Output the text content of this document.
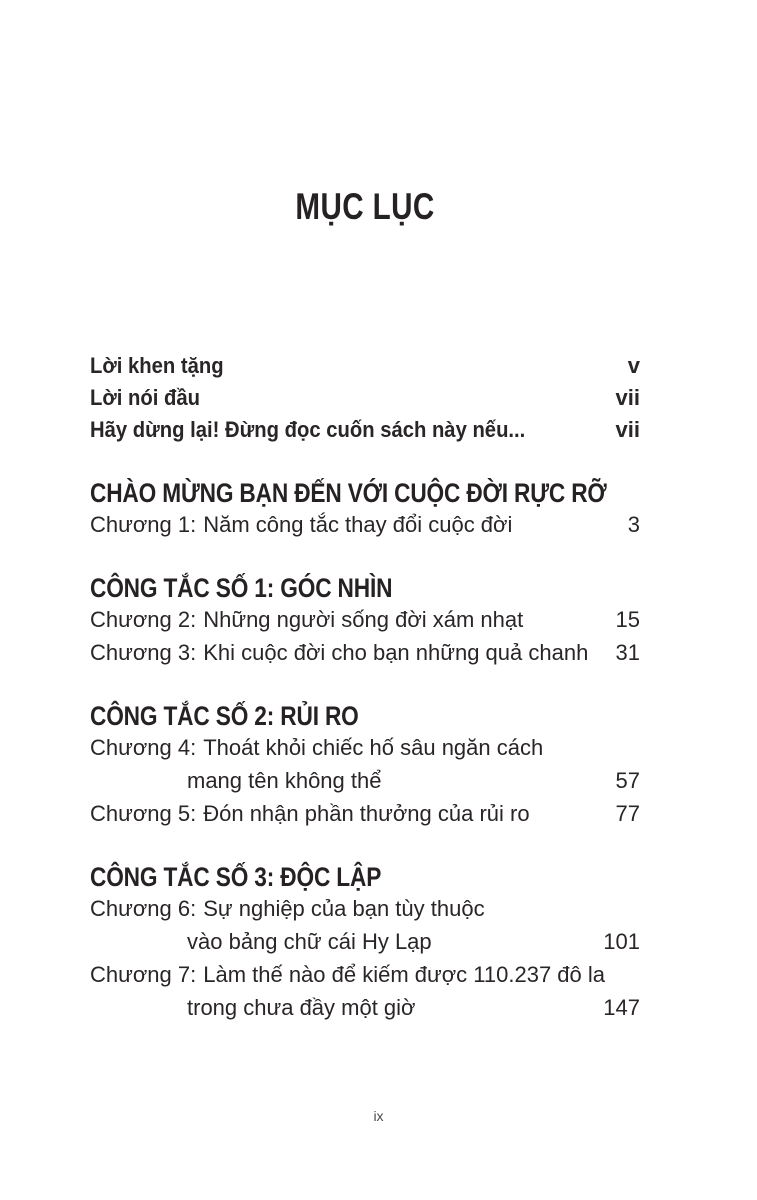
MỤC LỤC
Lời khen tặng	v
Lời nói đầu	vii
Hãy dừng lại! Đừng đọc cuốn sách này nếu...	vii
CHÀO MỪNG BẠN ĐẾN VỚI CUỘC ĐỜI RỰC RỠ
Chương 1: Năm công tắc thay đổi cuộc đời	3
CÔNG TẮC SỐ 1: GÓC NHÌN
Chương 2: Những người sống đời xám nhạt	15
Chương 3: Khi cuộc đời cho bạn những quả chanh 31
CÔNG TẮC SỐ 2: RỦI RO
Chương 4: Thoát khỏi chiếc hố sâu ngăn cách
mang tên không thể	57
Chương 5: Đón nhận phần thưởng của rủi ro	77
CÔNG TẮC SỐ 3: ĐỘC LẬP
Chương 6: Sự nghiệp của bạn tùy thuộc
vào bảng chữ cái Hy Lạp	101
Chương 7: Làm thế nào để kiếm được 110.237 đô la
trong chưa đầy một giờ	147
ix
